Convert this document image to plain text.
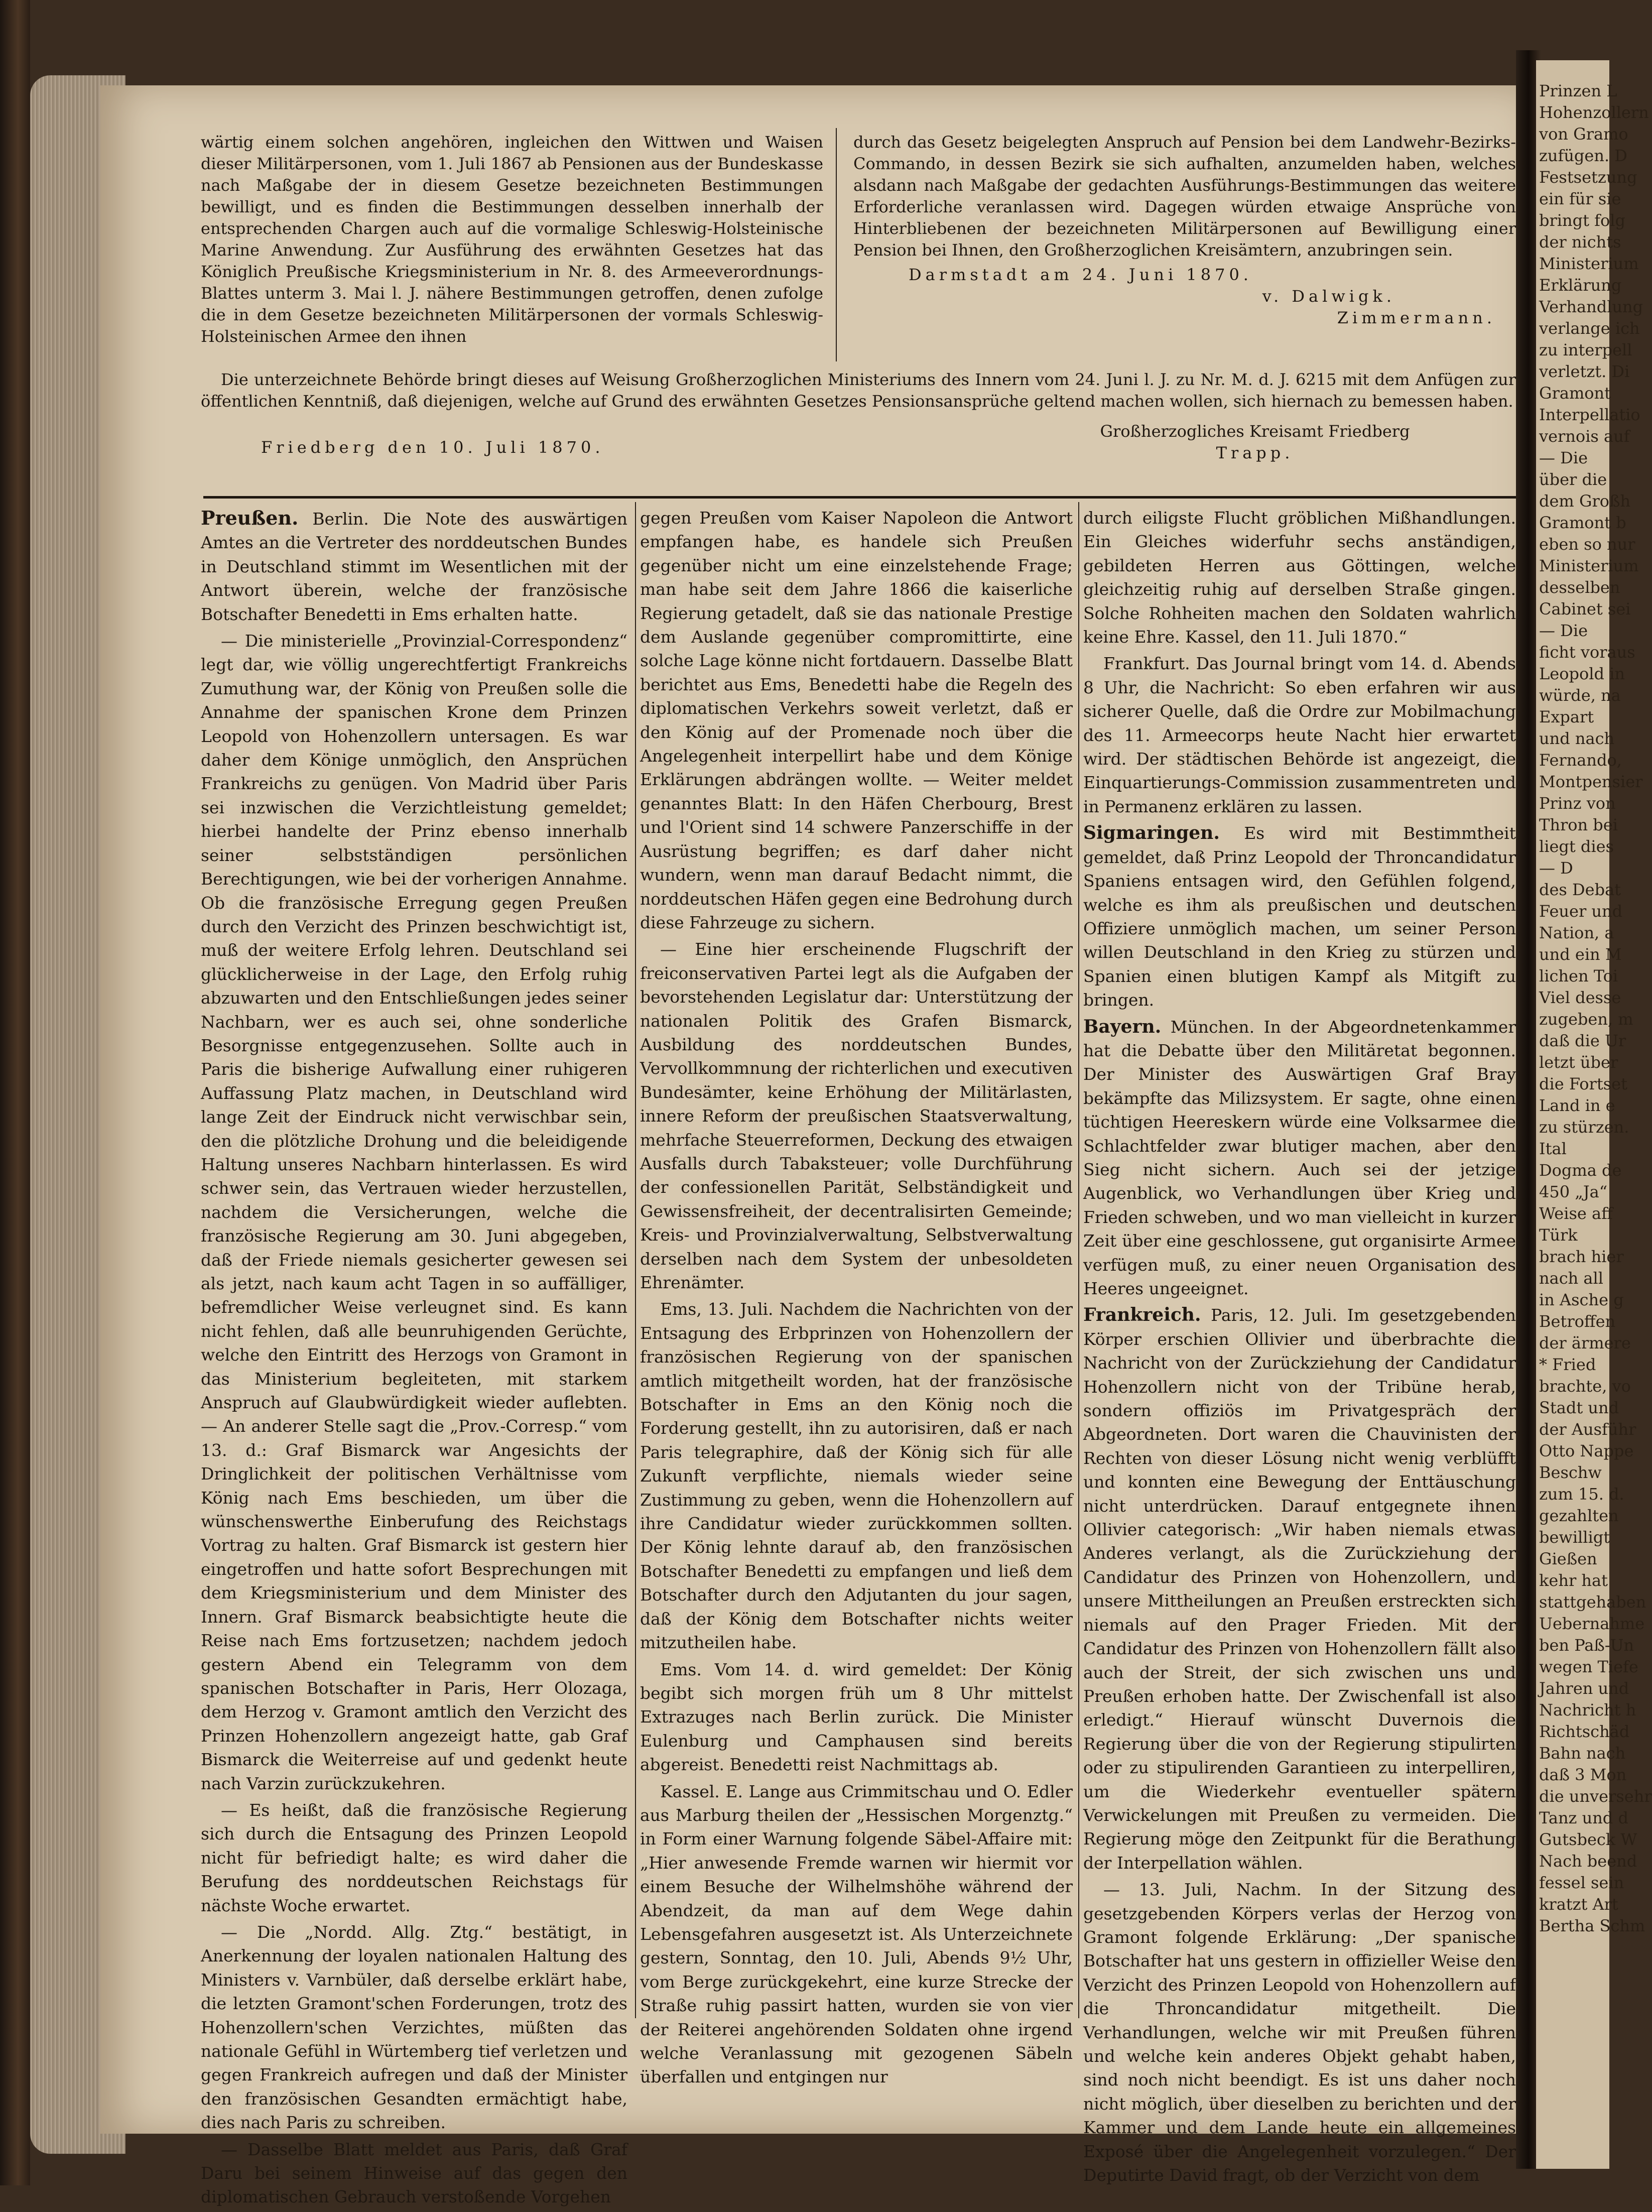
wärtig einem solchen angehören, ingleichen den Wittwen und Waisen dieser Militärpersonen, vom 1. Juli 1867 ab Pensionen aus der Bundeskasse nach Maßgabe der in diesem Gesetze bezeichneten Bestimmungen bewilligt, und es finden die Bestimmungen desselben innerhalb der entsprechenden Chargen auch auf die vormalige Schleswig-Holsteinische Marine Anwendung. Zur Ausführung des erwähnten Gesetzes hat das Königlich Preußische Kriegsministerium in Nr. 8. des Armeeverordnungs-Blattes unterm 3. Mai l. J. nähere Bestimmungen getroffen, denen zufolge die in dem Gesetze bezeichneten Militärpersonen der vormals Schleswig-Holsteinischen Armee den ihnen

durch das Gesetz beigelegten Anspruch auf Pension bei dem Landwehr-Bezirks-Commando, in dessen Bezirk sie sich aufhalten, anzumelden haben, welches alsdann nach Maßgabe der gedachten Ausführungs-Bestimmungen das weitere Erforderliche veranlassen wird. Dagegen würden etwaige Ansprüche von Hinterbliebenen der bezeichneten Militärpersonen auf Bewilligung einer Pension bei Ihnen, den Großherzoglichen Kreisämtern, anzubringen sein.

Darmstadt am 24. Juni 1870.

v. Dalwigk.

Zimmermann.

Die unterzeichnete Behörde bringt dieses auf Weisung Großherzoglichen Ministeriums des Innern vom 24. Juni l. J. zu Nr. M. d. J. 6215 mit dem Anfügen zur öffentlichen Kenntniß, daß diejenigen, welche auf Grund des erwähnten Gesetzes Pensionsansprüche geltend machen wollen, sich hiernach zu bemessen haben.

Friedberg den 10. Juli 1870.
Großherzogliches Kreisamt Friedberg
Trapp.

Preußen. Berlin. Die Note des auswärtigen Amtes an die Vertreter des norddeutschen Bundes in Deutschland stimmt im Wesentlichen mit der Antwort überein, welche der französische Botschafter Benedetti in Ems erhalten hatte.

— Die ministerielle „Provinzial-Correspondenz“ legt dar, wie völlig ungerechtfertigt Frankreichs Zumuthung war, der König von Preußen solle die Annahme der spanischen Krone dem Prinzen Leopold von Hohenzollern untersagen. Es war daher dem Könige unmöglich, den Ansprüchen Frankreichs zu genügen. Von Madrid über Paris sei inzwischen die Verzichtleistung gemeldet; hierbei handelte der Prinz ebenso innerhalb seiner selbstständigen persönlichen Berechtigungen, wie bei der vorherigen Annahme. Ob die französische Erregung gegen Preußen durch den Verzicht des Prinzen beschwichtigt ist, muß der weitere Erfolg lehren. Deutschland sei glücklicherweise in der Lage, den Erfolg ruhig abzuwarten und den Entschließungen jedes seiner Nachbarn, wer es auch sei, ohne sonderliche Besorgnisse entgegenzusehen. Sollte auch in Paris die bisherige Aufwallung einer ruhigeren Auffassung Platz machen, in Deutschland wird lange Zeit der Eindruck nicht verwischbar sein, den die plötzliche Drohung und die beleidigende Haltung unseres Nachbarn hinterlassen. Es wird schwer sein, das Vertrauen wieder herzustellen, nachdem die Versicherungen, welche die französische Regierung am 30. Juni abgegeben, daß der Friede niemals gesicherter gewesen sei als jetzt, nach kaum acht Tagen in so auffälliger, befremdlicher Weise verleugnet sind. Es kann nicht fehlen, daß alle beunruhigenden Gerüchte, welche den Eintritt des Herzogs von Gramont in das Ministerium begleiteten, mit starkem Anspruch auf Glaubwürdigkeit wieder auflebten. — An anderer Stelle sagt die „Prov.-Corresp.“ vom 13. d.: Graf Bismarck war Angesichts der Dringlichkeit der politischen Verhältnisse vom König nach Ems beschieden, um über die wünschenswerthe Einberufung des Reichstags Vortrag zu halten. Graf Bismarck ist gestern hier eingetroffen und hatte sofort Besprechungen mit dem Kriegsministerium und dem Minister des Innern. Graf Bismarck beabsichtigte heute die Reise nach Ems fortzusetzen; nachdem jedoch gestern Abend ein Telegramm von dem spanischen Botschafter in Paris, Herr Olozaga, dem Herzog v. Gramont amtlich den Verzicht des Prinzen Hohenzollern angezeigt hatte, gab Graf Bismarck die Weiterreise auf und gedenkt heute nach Varzin zurückzukehren.

— Es heißt, daß die französische Regierung sich durch die Entsagung des Prinzen Leopold nicht für befriedigt halte; es wird daher die Berufung des norddeutschen Reichstags für nächste Woche erwartet.

— Die „Nordd. Allg. Ztg.“ bestätigt, in Anerkennung der loyalen nationalen Haltung des Ministers v. Varnbüler, daß derselbe erklärt habe, die letzten Gramont'schen Forderungen, trotz des Hohenzollern'schen Verzichtes, müßten das nationale Gefühl in Würtemberg tief verletzen und gegen Frankreich aufregen und daß der Minister den französischen Gesandten ermächtigt habe, dies nach Paris zu schreiben.

— Dasselbe Blatt meldet aus Paris, daß Graf Daru bei seinem Hinweise auf das gegen den diplomatischen Gebrauch verstoßende Vorgehen

gegen Preußen vom Kaiser Napoleon die Antwort empfangen habe, es handele sich Preußen gegenüber nicht um eine einzelstehende Frage; man habe seit dem Jahre 1866 die kaiserliche Regierung getadelt, daß sie das nationale Prestige dem Auslande gegenüber compromittirte, eine solche Lage könne nicht fortdauern. Dasselbe Blatt berichtet aus Ems, Benedetti habe die Regeln des diplomatischen Verkehrs soweit verletzt, daß er den König auf der Promenade noch über die Angelegenheit interpellirt habe und dem Könige Erklärungen abdrängen wollte. — Weiter meldet genanntes Blatt: In den Häfen Cherbourg, Brest und l'Orient sind 14 schwere Panzerschiffe in der Ausrüstung begriffen; es darf daher nicht wundern, wenn man darauf Bedacht nimmt, die norddeutschen Häfen gegen eine Bedrohung durch diese Fahrzeuge zu sichern.

— Eine hier erscheinende Flugschrift der freiconservativen Partei legt als die Aufgaben der bevorstehenden Legislatur dar: Unterstützung der nationalen Politik des Grafen Bismarck, Ausbildung des norddeutschen Bundes, Vervollkommnung der richterlichen und executiven Bundesämter, keine Erhöhung der Militärlasten, innere Reform der preußischen Staatsverwaltung, mehrfache Steuerreformen, Deckung des etwaigen Ausfalls durch Tabaksteuer; volle Durchführung der confessionellen Parität, Selbständigkeit und Gewissensfreiheit, der decentralisirten Gemeinde; Kreis- und Provinzialverwaltung, Selbstverwaltung derselben nach dem System der unbesoldeten Ehrenämter.

Ems, 13. Juli. Nachdem die Nachrichten von der Entsagung des Erbprinzen von Hohenzollern der französischen Regierung von der spanischen amtlich mitgetheilt worden, hat der französische Botschafter in Ems an den König noch die Forderung gestellt, ihn zu autorisiren, daß er nach Paris telegraphire, daß der König sich für alle Zukunft verpflichte, niemals wieder seine Zustimmung zu geben, wenn die Hohenzollern auf ihre Candidatur wieder zurückkommen sollten. Der König lehnte darauf ab, den französischen Botschafter Benedetti zu empfangen und ließ dem Botschafter durch den Adjutanten du jour sagen, daß der König dem Botschafter nichts weiter mitzutheilen habe.

Ems. Vom 14. d. wird gemeldet: Der König begibt sich morgen früh um 8 Uhr mittelst Extrazuges nach Berlin zurück. Die Minister Eulenburg und Camphausen sind bereits abgereist. Benedetti reist Nachmittags ab.

Kassel. E. Lange aus Crimmitschau und O. Edler aus Marburg theilen der „Hessischen Morgenztg.“ in Form einer Warnung folgende Säbel-Affaire mit: „Hier anwesende Fremde warnen wir hiermit vor einem Besuche der Wilhelmshöhe während der Abendzeit, da man auf dem Wege dahin Lebensgefahren ausgesetzt ist. Als Unterzeichnete gestern, Sonntag, den 10. Juli, Abends 9½ Uhr, vom Berge zurückgekehrt, eine kurze Strecke der Straße ruhig passirt hatten, wurden sie von vier der Reiterei angehörenden Soldaten ohne irgend welche Veranlassung mit gezogenen Säbeln überfallen und entgingen nur

durch eiligste Flucht gröblichen Mißhandlungen. Ein Gleiches widerfuhr sechs anständigen, gebildeten Herren aus Göttingen, welche gleichzeitig ruhig auf derselben Straße gingen. Solche Rohheiten machen den Soldaten wahrlich keine Ehre. Kassel, den 11. Juli 1870.“

Frankfurt. Das Journal bringt vom 14. d. Abends 8 Uhr, die Nachricht: So eben erfahren wir aus sicherer Quelle, daß die Ordre zur Mobilmachung des 11. Armeecorps heute Nacht hier erwartet wird. Der städtischen Behörde ist angezeigt, die Einquartierungs-Commission zusammentreten und in Permanenz erklären zu lassen.

Sigmaringen. Es wird mit Bestimmtheit gemeldet, daß Prinz Leopold der Throncandidatur Spaniens entsagen wird, den Gefühlen folgend, welche es ihm als preußischen und deutschen Offiziere unmöglich machen, um seiner Person willen Deutschland in den Krieg zu stürzen und Spanien einen blutigen Kampf als Mitgift zu bringen.

Bayern. München. In der Abgeordnetenkammer hat die Debatte über den Militäretat begonnen. Der Minister des Auswärtigen Graf Bray bekämpfte das Milizsystem. Er sagte, ohne einen tüchtigen Heereskern würde eine Volksarmee die Schlachtfelder zwar blutiger machen, aber den Sieg nicht sichern. Auch sei der jetzige Augenblick, wo Verhandlungen über Krieg und Frieden schweben, und wo man vielleicht in kurzer Zeit über eine geschlossene, gut organisirte Armee verfügen muß, zu einer neuen Organisation des Heeres ungeeignet.

Frankreich. Paris, 12. Juli. Im gesetzgebenden Körper erschien Ollivier und überbrachte die Nachricht von der Zurückziehung der Candidatur Hohenzollern nicht von der Tribüne herab, sondern offiziös im Privatgespräch der Abgeordneten. Dort waren die Chauvinisten der Rechten von dieser Lösung nicht wenig verblüfft und konnten eine Bewegung der Enttäuschung nicht unterdrücken. Darauf entgegnete ihnen Ollivier categorisch: „Wir haben niemals etwas Anderes verlangt, als die Zurückziehung der Candidatur des Prinzen von Hohenzollern, und unsere Mittheilungen an Preußen erstreckten sich niemals auf den Prager Frieden. Mit der Candidatur des Prinzen von Hohenzollern fällt also auch der Streit, der sich zwischen uns und Preußen erhoben hatte. Der Zwischenfall ist also erledigt.“ Hierauf wünscht Duvernois die Regierung über die von der Regierung stipulirten oder zu stipulirenden Garantieen zu interpelliren, um die Wiederkehr eventueller spätern Verwickelungen mit Preußen zu vermeiden. Die Regierung möge den Zeitpunkt für die Berathung der Interpellation wählen.

— 13. Juli, Nachm. In der Sitzung des gesetzgebenden Körpers verlas der Herzog von Gramont folgende Erklärung: „Der spanische Botschafter hat uns gestern in offizieller Weise den Verzicht des Prinzen Leopold von Hohenzollern auf die Throncandidatur mitgetheilt. Die Verhandlungen, welche wir mit Preußen führen und welche kein anderes Objekt gehabt haben, sind noch nicht beendigt. Es ist uns daher noch nicht möglich, über dieselben zu berichten und der Kammer und dem Lande heute ein allgemeines Exposé über die Angelegenheit vorzulegen.“ Der Deputirte David fragt, ob der Verzicht von dem

Prinzen L
Hohenzollern
von Gramo
zufügen. D
Festsetzung
ein für sie
bringt folg
der nichts
Ministerium
Erklärung
Verhandlung
verlange ich
zu interpell
verletzt. Di
Gramont
Interpellatio
vernois auf
— Die
über die
dem Großh
Gramont b
eben so nur
Ministerium
desselben
Cabinet sei
— Die
ficht voraus
Leopold in
würde, na
Expart
und nach
Fernando,
Montpensier
Prinz von
Thron bei
liegt dies
— D
des Debat
Feuer und
Nation, a
und ein M
lichen Toi
Viel desse
zugeben, m
daß die Ur
letzt über
die Fortset
Land in e
zu stürzen.
Ital
Dogma de
450 „Ja“
Weise aff
Türk
brach hier
nach all
in Asche g
Betroffen
der ärmere
* Fried
brachte, vo
Stadt und
der Ausführ
Otto Nappe
Beschw
zum 15. d.
gezahlten
bewilligt
Gießen
kehr hat
stattgehaben
Uebernahme
ben Paß-Un
wegen Tiefe
Jahren und
Nachricht h
Richtschäd
Bahn nach
daß 3 Mon
die unversehr
Tanz und d
Gutsbeck W
Nach beend
fessel sein
kratzt Art
Bertha Schm
